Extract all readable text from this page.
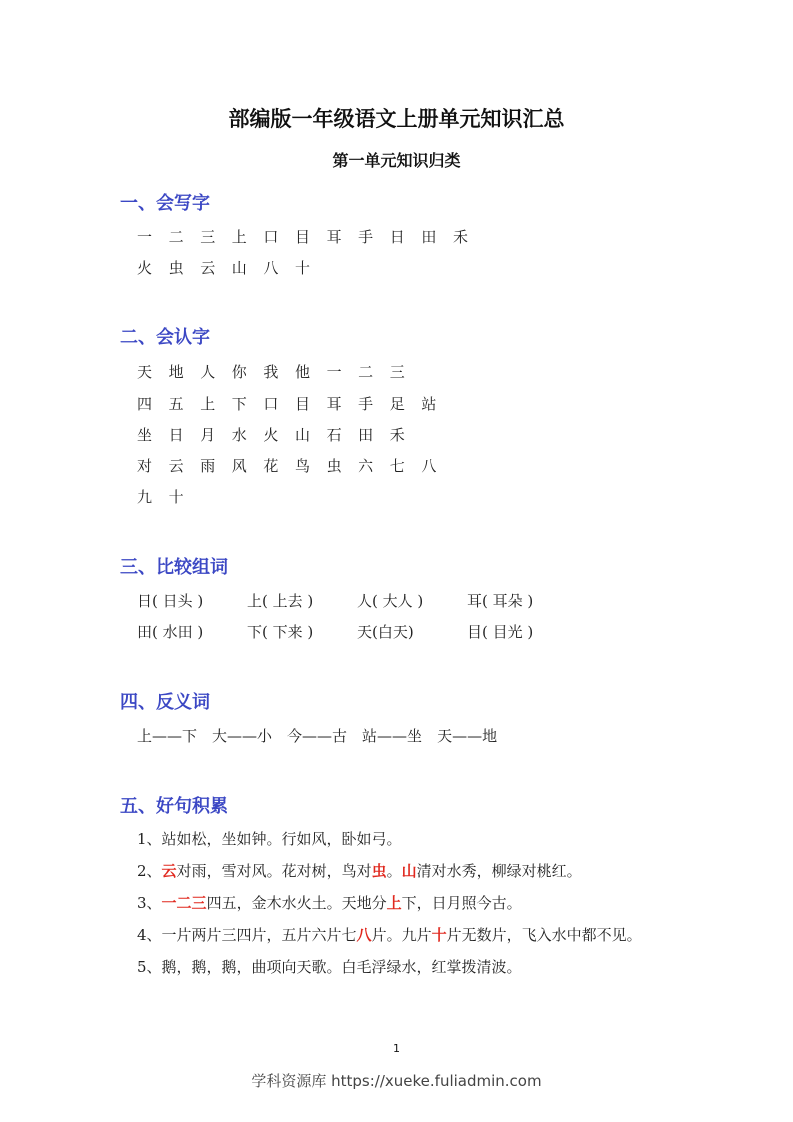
部编版一年级语文上册单元知识汇总
第一单元知识归类
一、会写字
一 二 三 上 口 目 耳 手 日 田 禾
火 虫 云 山 八 十
二、会认字
天 地 人 你 我 他 一 二 三
四 五 上 下 口 目 耳 手 足 站
坐 日 月 水 火 山 石 田 禾
对 云 雨 风 花 鸟 虫 六 七 八
九 十
三、比较组词
日( 日头 )	上( 上去 )	人( 大人 )	耳( 耳朵 )
田( 水田 )	下( 下来 )	天(白天)	目( 目光 )
四、反义词
上——下 大——小 今——古 站——坐 天——地
五、好句积累
1、站如松，坐如钟。行如风，卧如弓。
2、云对雨，雪对风。花对树，鸟对虫。山清对水秀，柳绿对桃红。
3、一二三四五，金木水火土。天地分上下，日月照今古。
4、一片两片三四片，五片六片七八片。九片十片无数片，飞入水中都不见。
5、鹅，鹅，鹅，曲项向天歌。白毛浮绿水，红掌拨清波。
1
学科资源库 https://xueke.fuliadmin.com
